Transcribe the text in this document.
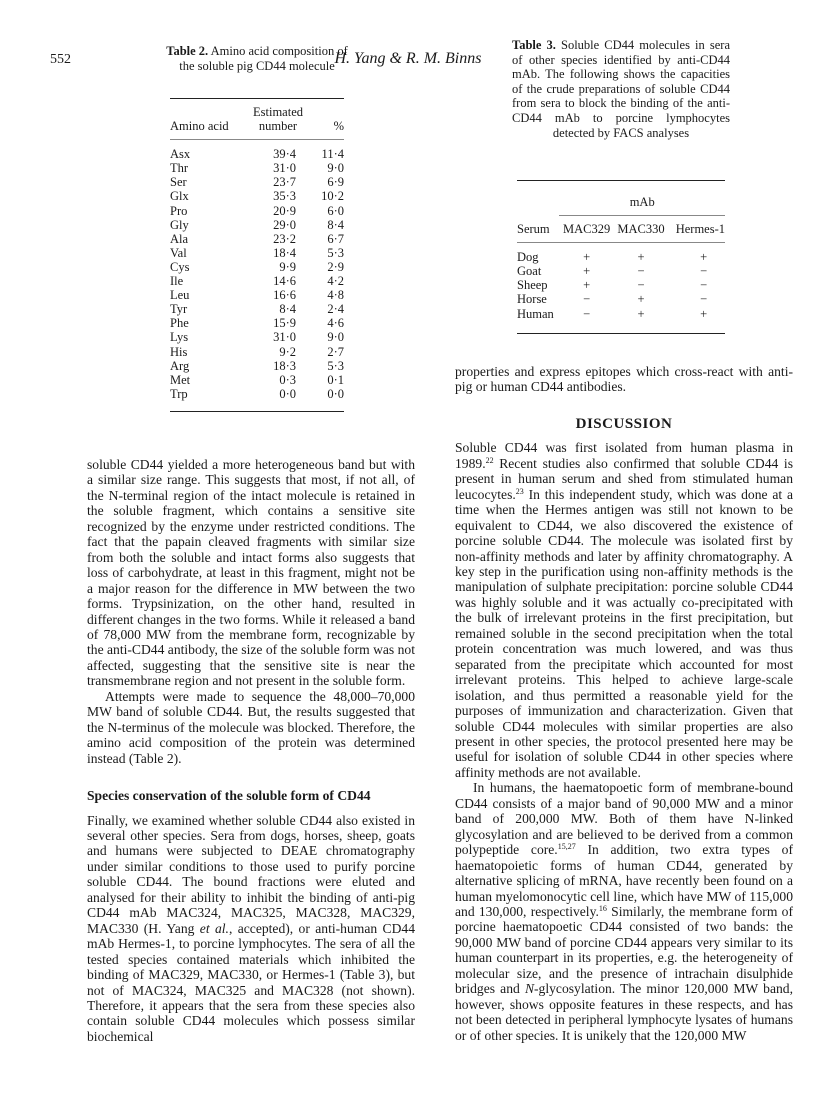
552	H. Yang & R. M. Binns
Table 2. Amino acid composition of the soluble pig CD44 molecule
Amino acid	Estimated number	%
Asx	39·4	11·4
Thr	31·0	9·0
Ser	23·7	6·9
Glx	35·3	10·2
Pro	20·9	6·0
Gly	29·0	8·4
Ala	23·2	6·7
Val	18·4	5·3
Cys	9·9	2·9
Ile	14·6	4·2
Leu	16·6	4·8
Tyr	8·4	2·4
Phe	15·9	4·6
Lys	31·0	9·0
His	9·2	2·7
Arg	18·3	5·3
Met	0·3	0·1
Trp	0·0	0·0
Table 3. Soluble CD44 molecules in sera of other species identified by anti-CD44 mAb. The following shows the capacities of the crude preparations of soluble CD44 from sera to block the binding of the anti-CD44 mAb to porcine lymphocytes detected by FACS analyses
	mAb		
Serum	MAC329	MAC330	Hermes-1
Dog	+	+	+
Goat	+	−	−
Sheep	+	−	−
Horse	−	+	−
Human	−	+	+

soluble CD44 yielded a more heterogeneous band but with a similar size range. This suggests that most, if not all, of the N-terminal region of the intact molecule is retained in the soluble fragment, which contains a sensitive site recognized by the enzyme under restricted conditions. The fact that the papain cleaved fragments with similar size from both the soluble and intact forms also suggests that loss of carbohydrate, at least in this fragment, might not be a major reason for the difference in MW between the two forms. Trypsinization, on the other hand, resulted in different changes in the two forms. While it released a band of 78,000 MW from the membrane form, recognizable by the anti-CD44 antibody, the size of the soluble form was not affected, suggesting that the sensitive site is near the transmembrane region and not present in the soluble form.

Attempts were made to sequence the 48,000–70,000 MW band of soluble CD44. But, the results suggested that the N-terminus of the molecule was blocked. Therefore, the amino acid composition of the protein was determined instead (Table 2).

Species conservation of the soluble form of CD44

Finally, we examined whether soluble CD44 also existed in several other species. Sera from dogs, horses, sheep, goats and humans were subjected to DEAE chromatography under similar conditions to those used to purify porcine soluble CD44. The bound fractions were eluted and analysed for their ability to inhibit the binding of anti-pig CD44 mAb MAC324, MAC325, MAC328, MAC329, MAC330 (H. Yang et al., accepted), or anti-human CD44 mAb Hermes-1, to porcine lymphocytes. The sera of all the tested species contained materials which inhibited the binding of MAC329, MAC330, or Hermes-1 (Table 3), but not of MAC324, MAC325 and MAC328 (not shown). Therefore, it appears that the sera from these species also contain soluble CD44 molecules which possess similar biochemical

properties and express epitopes which cross-react with anti-pig or human CD44 antibodies.

DISCUSSION

Soluble CD44 was first isolated from human plasma in 1989.22 Recent studies also confirmed that soluble CD44 is present in human serum and shed from stimulated human leucocytes.$^{23}$ In this independent study, which was done at a time when the Hermes antigen was still not known to be equivalent to CD44, we also discovered the existence of porcine soluble CD44. The molecule was isolated first by non-affinity methods and later by affinity chromatography. A key step in the purification using non-affinity methods is the manipulation of sulphate precipitation: porcine soluble CD44 was highly soluble and it was actually co-precipitated with the bulk of irrelevant proteins in the first precipitation, but remained soluble in the second precipitation when the total protein concentration was much lowered, and was thus separated from the precipitate which accounted for most irrelevant proteins. This helped to achieve large-scale isolation, and thus permitted a reasonable yield for the purposes of immunization and characterization. Given that soluble CD44 molecules with similar properties are also present in other species, the protocol presented here may be useful for isolation of soluble CD44 in other species where affinity methods are not available.

In humans, the haematopoetic form of membrane-bound CD44 consists of a major band of 90,000 MW and a minor band of 200,000 MW. Both of them have N-linked glycosylation and are believed to be derived from a common polypeptide core.$^{15,27}$ In addition, two extra types of haematopoietic forms of human CD44, generated by alternative splicing of mRNA, have recently been found on a human myelomonocytic cell line, which have MW of 115,000 and 130,000, respectively.$^{16}$ Similarly, the membrane form of porcine haematopoetic CD44 consisted of two bands: the 90,000 MW band of porcine CD44 appears very similar to its human counterpart in its properties, e.g. the heterogeneity of molecular size, and the presence of intrachain disulphide bridges and N-glycosylation. The minor 120,000 MW band, however, shows opposite features in these respects, and has not been detected in peripheral lymphocyte lysates of humans or of other species. It is unikely that the 120,000 MW
